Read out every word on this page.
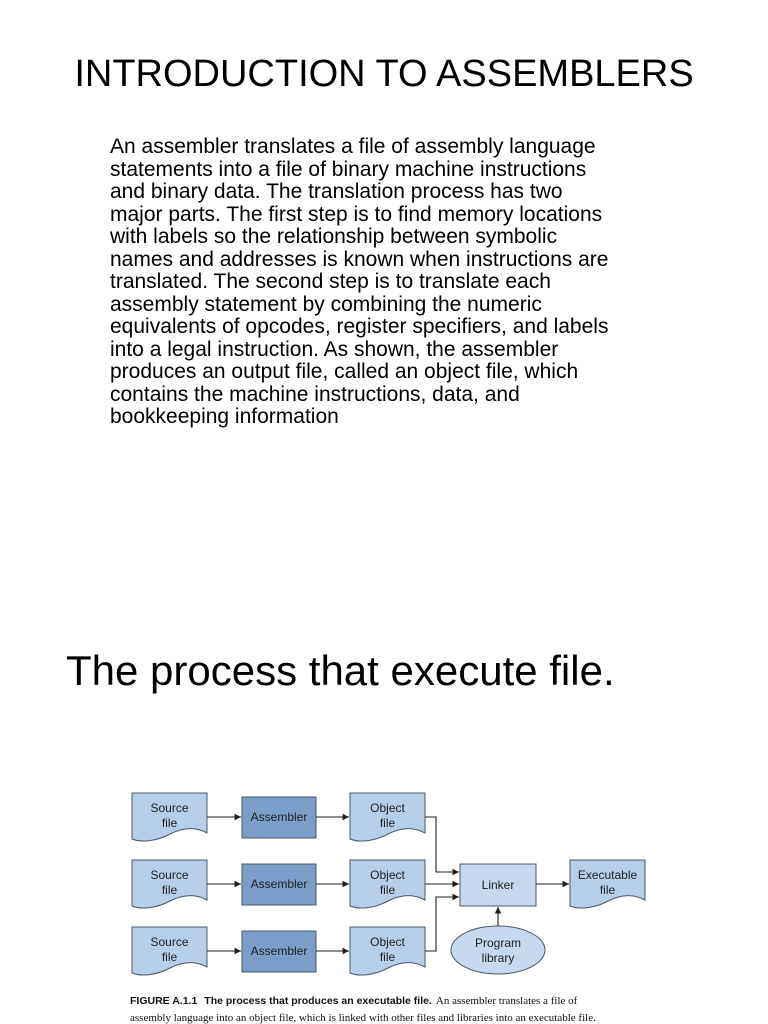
INTRODUCTION TO ASSEMBLERS
An assembler translates a file of assembly language
statements into a file of binary machine instructions
and binary data. The translation process has two
major parts. The first step is to find memory locations
with labels so the relationship between symbolic
names and addresses is known when instructions are
translated. The second step is to translate each
assembly statement by combining the numeric
equivalents of opcodes, register specifiers, and labels
into a legal instruction. As shown, the assembler
produces an output file, called an object file, which
contains the machine instructions, data, and
bookkeeping information
The process that execute file.
Source
file	Assembler
Object
file
Source
file	Assembler
Object
file	Linker
Executable
file
Source
file	Assembler
Object
file
Program
library
FIGURE A.1.1 The process that produces an executable file. An assembler translates a file of
assembly language into an object file, which is linked with other files and libraries into an executable file.
